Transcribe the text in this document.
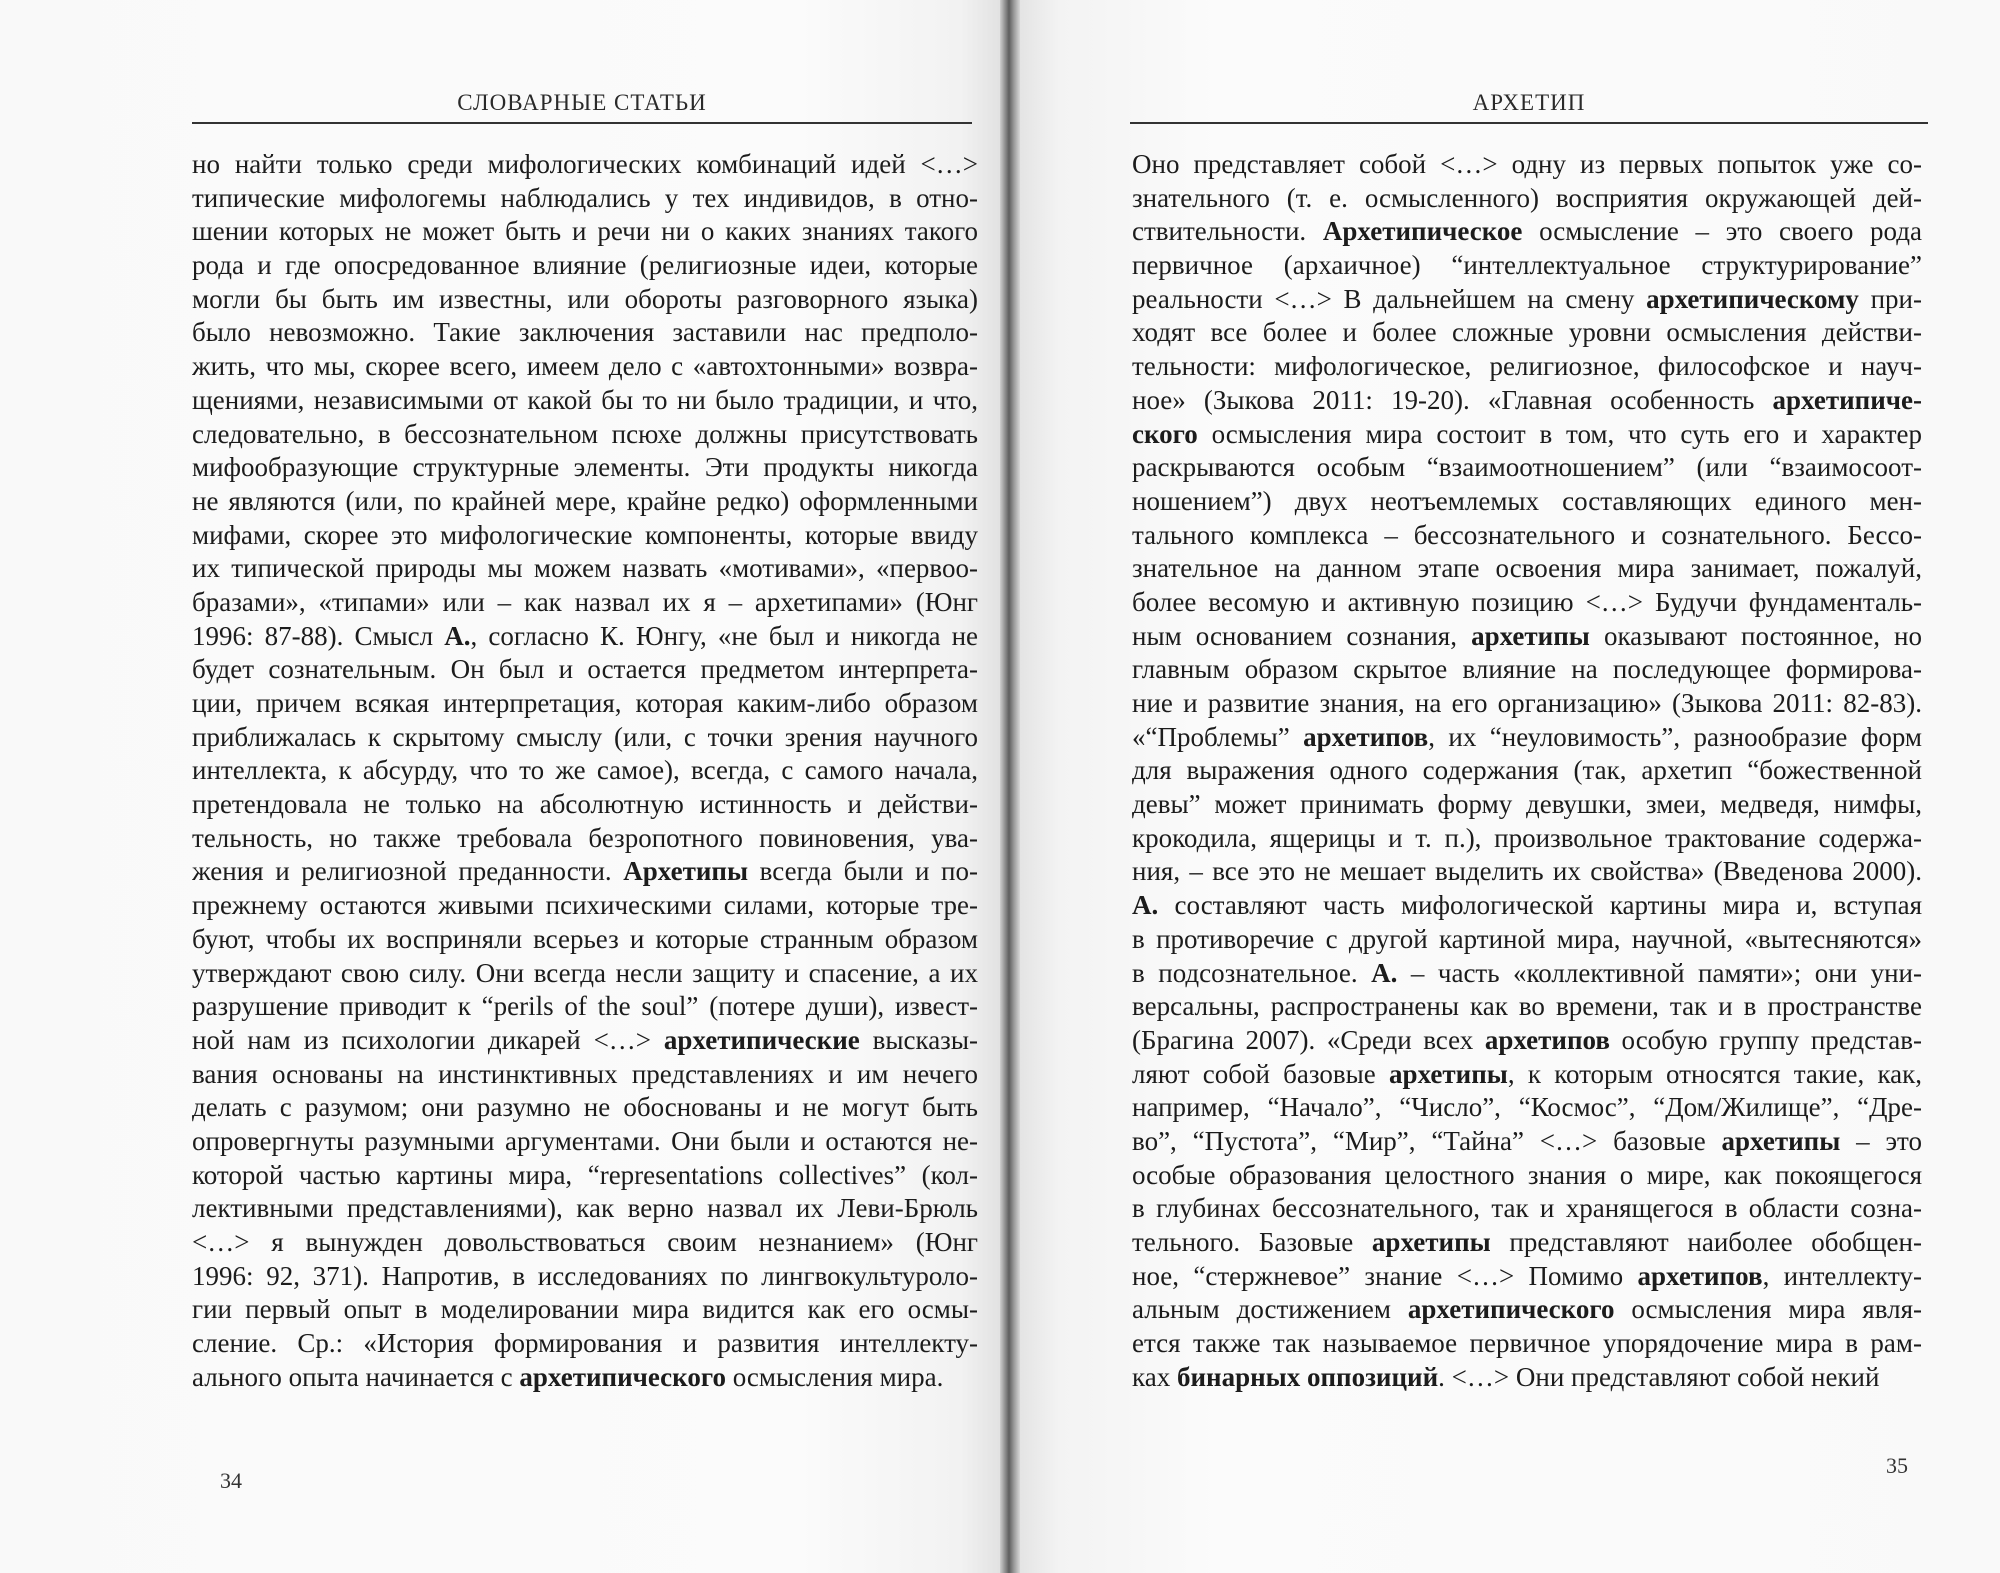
СЛОВАРНЫЕ СТАТЬИ
но найти только среди мифологических комбинаций идей <…>
типические мифологемы наблюдались у тех индивидов, в отно-
шении которых не может быть и речи ни о каких знаниях такого
рода и где опосредованное влияние (религиозные идеи, которые
могли бы быть им известны, или обороты разговорного языка)
было невозможно. Такие заключения заставили нас предполо-
жить, что мы, скорее всего, имеем дело с «автохтонными» возвра-
щениями, независимыми от какой бы то ни было традиции, и что,
следовательно, в бессознательном псюхе должны присутствовать
мифообразующие структурные элементы. Эти продукты никогда
не являются (или, по крайней мере, крайне редко) оформленными
мифами, скорее это мифологические компоненты, которые ввиду
их типической природы мы можем назвать «мотивами», «первоо-
бразами», «типами» или – как назвал их я – архетипами» (Юнг
1996: 87-88). Смысл А., согласно К. Юнгу, «не был и никогда не
будет сознательным. Он был и остается предметом интерпрета-
ции, причем всякая интерпретация, которая каким-либо образом
приближалась к скрытому смыслу (или, с точки зрения научного
интеллекта, к абсурду, что то же самое), всегда, с самого начала,
претендовала не только на абсолютную истинность и действи-
тельность, но также требовала безропотного повиновения, ува-
жения и религиозной преданности. Архетипы всегда были и по-
прежнему остаются живыми психическими силами, которые тре-
буют, чтобы их восприняли всерьез и которые странным образом
утверждают свою силу. Они всегда несли защиту и спасение, а их
разрушение приводит к “perils of the soul” (потере души), извест-
ной нам из психологии дикарей <…> архетипические высказы-
вания основаны на инстинктивных представлениях и им нечего
делать с разумом; они разумно не обоснованы и не могут быть
опровергнуты разумными аргументами. Они были и остаются не-
которой частью картины мира, “representations collectives” (кол-
лективными представлениями), как верно назвал их Леви-Брюль
<…> я вынужден довольствоваться своим незнанием» (Юнг
1996: 92, 371). Напротив, в исследованиях по лингвокультуроло-
гии первый опыт в моделировании мира видится как его осмы-
сление. Ср.: «История формирования и развития интеллекту-
ального опыта начинается с архетипического осмысления мира.
34
АРХЕТИП
Оно представляет собой <…> одну из первых попыток уже со-
знательного (т. е. осмысленного) восприятия окружающей дей-
ствительности. Архетипическое осмысление – это своего рода
первичное (архаичное) “интеллектуальное структурирование”
реальности <…> В дальнейшем на смену архетипическому при-
ходят все более и более сложные уровни осмысления действи-
тельности: мифологическое, религиозное, философское и науч-
ное» (Зыкова 2011: 19-20). «Главная особенность архетипиче-
ского осмысления мира состоит в том, что суть его и характер
раскрываются особым “взаимоотношением” (или “взаимосоот-
ношением”) двух неотъемлемых составляющих единого мен-
тального комплекса – бессознательного и сознательного. Бессо-
знательное на данном этапе освоения мира занимает, пожалуй,
более весомую и активную позицию <…> Будучи фундаменталь-
ным основанием сознания, архетипы оказывают постоянное, но
главным образом скрытое влияние на последующее формирова-
ние и развитие знания, на его организацию» (Зыкова 2011: 82-83).
«“Проблемы” архетипов, их “неуловимость”, разнообразие форм
для выражения одного содержания (так, архетип “божественной
девы” может принимать форму девушки, змеи, медведя, нимфы,
крокодила, ящерицы и т. п.), произвольное трактование содержа-
ния, – все это не мешает выделить их свойства» (Введенова 2000).
А. составляют часть мифологической картины мира и, вступая
в противоречие с другой картиной мира, научной, «вытесняются»
в подсознательное. А. – часть «коллективной памяти»; они уни-
версальны, распространены как во времени, так и в пространстве
(Брагина 2007). «Среди всех архетипов особую группу представ-
ляют собой базовые архетипы, к которым относятся такие, как,
например, “Начало”, “Число”, “Космос”, “Дом/Жилище”, “Дре-
во”, “Пустота”, “Мир”, “Тайна” <…> базовые архетипы – это
особые образования целостного знания о мире, как покоящегося
в глубинах бессознательного, так и хранящегося в области созна-
тельного. Базовые архетипы представляют наиболее обобщен-
ное, “стержневое” знание <…> Помимо архетипов, интеллекту-
альным достижением архетипического осмысления мира явля-
ется также так называемое первичное упорядочение мира в рам-
ках бинарных оппозиций. <…> Они представляют собой некий
35
